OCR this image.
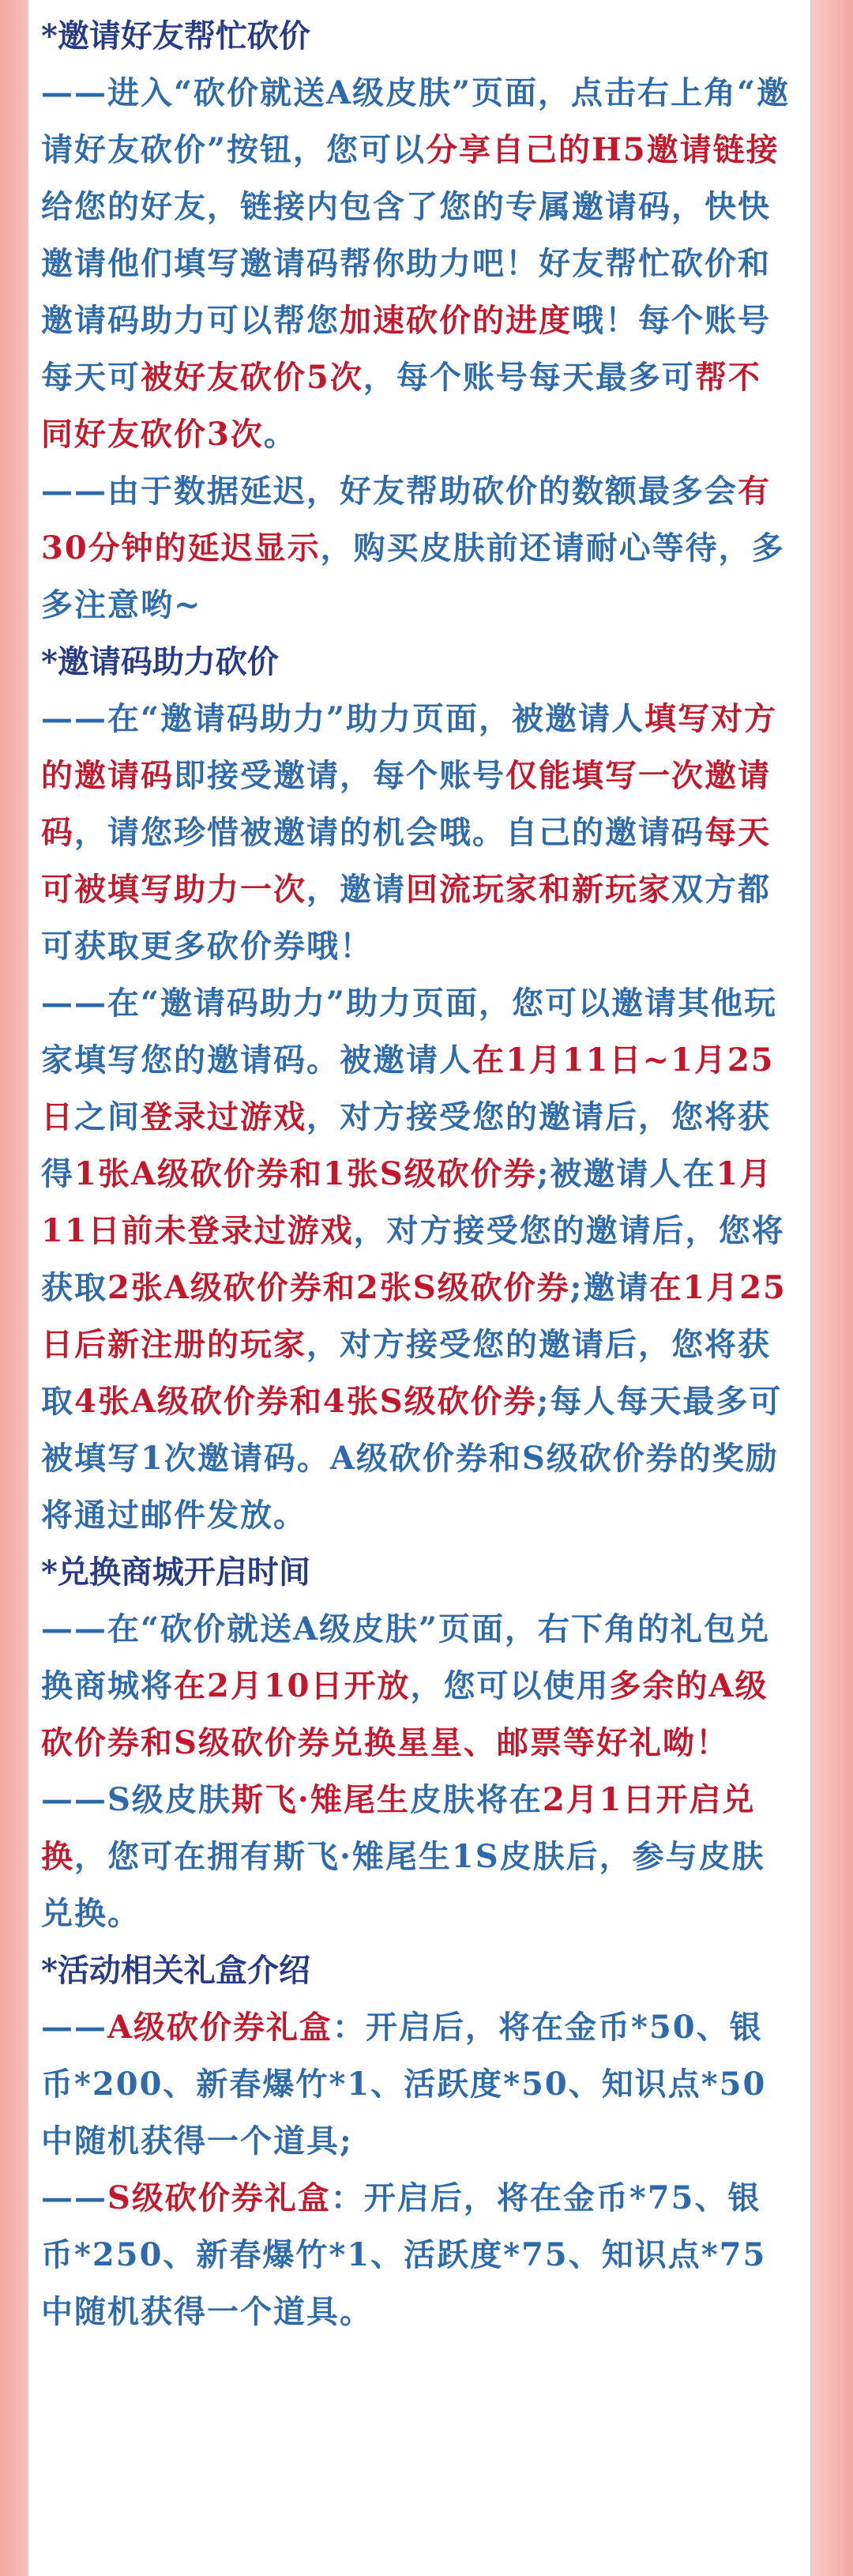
*邀请好友帮忙砍价

——进入“砍价就送A级皮肤”页面，点击右上角“邀请好友砍价”按钮，您可以分享自己的H5邀请链接给您的好友，链接内包含了您的专属邀请码，快快邀请他们填写邀请码帮你助力吧！好友帮忙砍价和邀请码助力可以帮您加速砍价的进度哦！每个账号每天可被好友砍价5次，每个账号每天最多可帮不同好友砍价3次。

——由于数据延迟，好友帮助砍价的数额最多会有30分钟的延迟显示，购买皮肤前还请耐心等待，多多注意哟~

*邀请码助力砍价

——在“邀请码助力”助力页面，被邀请人填写对方的邀请码即接受邀请，每个账号仅能填写一次邀请码，请您珍惜被邀请的机会哦。自己的邀请码每天可被填写助力一次，邀请回流玩家和新玩家双方都可获取更多砍价券哦！

——在“邀请码助力”助力页面，您可以邀请其他玩家填写您的邀请码。被邀请人在1月11日~1月25日之间登录过游戏，对方接受您的邀请后，您将获得1张A级砍价券和1张S级砍价券;被邀请人在1月11日前未登录过游戏，对方接受您的邀请后，您将获取2张A级砍价券和2张S级砍价券;邀请在1月25日后新注册的玩家，对方接受您的邀请后，您将获取4张A级砍价券和4张S级砍价券;每人每天最多可被填写1次邀请码。A级砍价券和S级砍价券的奖励将通过邮件发放。

*兑换商城开启时间

——在“砍价就送A级皮肤”页面，右下角的礼包兑换商城将在2月10日开放，您可以使用多余的A级砍价券和S级砍价券兑换星星、邮票等好礼呦！

——S级皮肤斯飞·雉尾生皮肤将在2月1日开启兑换，您可在拥有斯飞·雉尾生1S皮肤后，参与皮肤兑换。

*活动相关礼盒介绍

——A级砍价券礼盒：开启后，将在金币*50、银币*200、新春爆竹*1、活跃度*50、知识点*50中随机获得一个道具;

——S级砍价券礼盒：开启后，将在金币*75、银币*250、新春爆竹*1、活跃度*75、知识点*75中随机获得一个道具。
